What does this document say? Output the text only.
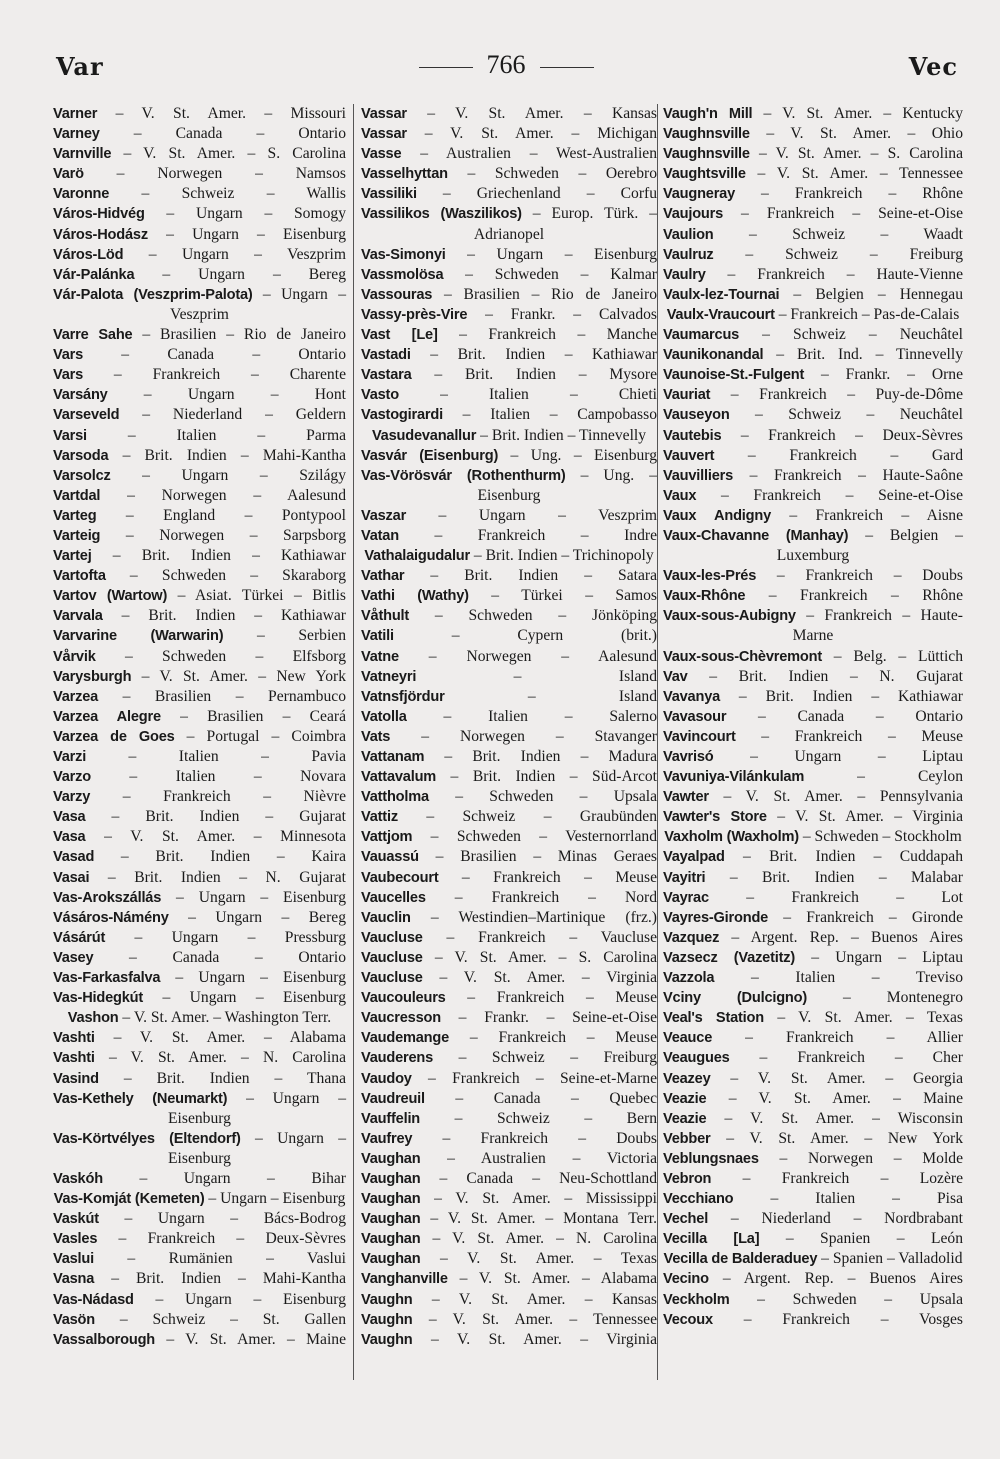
Var	766	Vec
Varner – V. St. Amer. – Missouri
Varney – Canada – Ontario
Varnville – V. St. Amer. – S. Carolina
Varö – Norwegen – Namsos
Varonne – Schweiz – Wallis
Város-Hidvég – Ungarn – Somogy
Város-Hodász – Ungarn – Eisenburg
Város-Löd – Ungarn – Veszprim
Vár-Palánka – Ungarn – Bereg
Vár-Palota (Veszprim-Palota) – Ungarn – Veszprim
Varre Sahe – Brasilien – Rio de Janeiro
Vars – Canada – Ontario
Vars – Frankreich – Charente
Varsány – Ungarn – Hont
Varseveld – Niederland – Geldern
Varsi – Italien – Parma
Varsoda – Brit. Indien – Mahi-Kantha
Varsolcz – Ungarn – Szilágy
Vartdal – Norwegen – Aalesund
Varteg – England – Pontypool
Varteig – Norwegen – Sarpsborg
Vartej – Brit. Indien – Kathiawar
Vartofta – Schweden – Skaraborg
Vartov (Wartow) – Asiat. Türkei – Bitlis
Varvala – Brit. Indien – Kathiawar
Varvarine (Warwarin) – Serbien
Vårvik – Schweden – Elfsborg
Varysburgh – V. St. Amer. – New York
Varzea – Brasilien – Pernambuco
Varzea Alegre – Brasilien – Ceará
Varzea de Goes – Portugal – Coimbra
Varzi – Italien – Pavia
Varzo – Italien – Novara
Varzy – Frankreich – Nièvre
Vasa – Brit. Indien – Gujarat
Vasa – V. St. Amer. – Minnesota
Vasad – Brit. Indien – Kaira
Vasai – Brit. Indien – N. Gujarat
Vas-Arokszállás – Ungarn – Eisenburg
Vásáros-Námény – Ungarn – Bereg
Vásárút – Ungarn – Pressburg
Vasey – Canada – Ontario
Vas-Farkasfalva – Ungarn – Eisenburg
Vas-Hidegkút – Ungarn – Eisenburg
Vashon – V. St. Amer. – Washington Terr.
Vashti – V. St. Amer. – Alabama
Vashti – V. St. Amer. – N. Carolina
Vasind – Brit. Indien – Thana
Vas-Kethely (Neumarkt) – Ungarn – Eisenburg
Vas-Körtvélyes (Eltendorf) – Ungarn – Eisenburg
Vaskóh – Ungarn – Bihar
Vas-Komját (Kemeten) – Ungarn – Eisenburg
Vaskút – Ungarn – Bács-Bodrog
Vasles – Frankreich – Deux-Sèvres
Vaslui – Rumänien – Vaslui
Vasna – Brit. Indien – Mahi-Kantha
Vas-Nádasd – Ungarn – Eisenburg
Vasön – Schweiz – St. Gallen
Vassalborough – V. St. Amer. – Maine
Vassar – V. St. Amer. – Kansas
Vassar – V. St. Amer. – Michigan
Vasse – Australien – West-Australien
Vasselhyttan – Schweden – Oerebro
Vassiliki – Griechenland – Corfu
Vassilikos (Waszilikos) – Europ. Türk. – Adrianopel
Vas-Simonyi – Ungarn – Eisenburg
Vassmolösa – Schweden – Kalmar
Vassouras – Brasilien – Rio de Janeiro
Vassy-près-Vire – Frankr. – Calvados
Vast [Le] – Frankreich – Manche
Vastadi – Brit. Indien – Kathiawar
Vastara – Brit. Indien – Mysore
Vasto – Italien – Chieti
Vastogirardi – Italien – Campobasso
Vasudevanallur – Brit. Indien – Tinnevelly
Vasvár (Eisenburg) – Ung. – Eisenburg
Vas-Vörösvár (Rothenthurm) – Ung. – Eisenburg
Vaszar – Ungarn – Veszprim
Vatan – Frankreich – Indre
Vathalaigudalur – Brit. Indien – Trichinopoly
Vathar – Brit. Indien – Satara
Vathi (Wathy) – Türkei – Samos
Våthult – Schweden – Jönköping
Vatili – Cypern (brit.)
Vatne – Norwegen – Aalesund
Vatneyri – Island
Vatnsfjördur – Island
Vatolla – Italien – Salerno
Vats – Norwegen – Stavanger
Vattanam – Brit. Indien – Madura
Vattavalum – Brit. Indien – Süd-Arcot
Vattholma – Schweden – Upsala
Vattiz – Schweiz – Graubünden
Vattjom – Schweden – Vesternorrland
Vauassú – Brasilien – Minas Geraes
Vaubecourt – Frankreich – Meuse
Vaucelles – Frankreich – Nord
Vauclin – Westindien–Martinique (frz.)
Vaucluse – Frankreich – Vaucluse
Vaucluse – V. St. Amer. – S. Carolina
Vaucluse – V. St. Amer. – Virginia
Vaucouleurs – Frankreich – Meuse
Vaucresson – Frankr. – Seine-et-Oise
Vaudemange – Frankreich – Meuse
Vauderens – Schweiz – Freiburg
Vaudoy – Frankreich – Seine-et-Marne
Vaudreuil – Canada – Quebec
Vauffelin – Schweiz – Bern
Vaufrey – Frankreich – Doubs
Vaughan – Australien – Victoria
Vaughan – Canada – Neu-Schottland
Vaughan – V. St. Amer. – Mississippi
Vaughan – V. St. Amer. – Montana Terr.
Vaughan – V. St. Amer. – N. Carolina
Vaughan – V. St. Amer. – Texas
Vanghanville – V. St. Amer. – Alabama
Vaughn – V. St. Amer. – Kansas
Vaughn – V. St. Amer. – Tennessee
Vaughn – V. St. Amer. – Virginia
Vaugh'n Mill – V. St. Amer. – Kentucky
Vaughnsville – V. St. Amer. – Ohio
Vaughnsville – V. St. Amer. – S. Carolina
Vaughtsville – V. St. Amer. – Tennessee
Vaugneray – Frankreich – Rhône
Vaujours – Frankreich – Seine-et-Oise
Vaulion – Schweiz – Waadt
Vaulruz – Schweiz – Freiburg
Vaulry – Frankreich – Haute-Vienne
Vaulx-lez-Tournai – Belgien – Hennegau
Vaulx-Vraucourt – Frankreich – Pas-de-Calais
Vaumarcus – Schweiz – Neuchâtel
Vaunikonandal – Brit. Ind. – Tinnevelly
Vaunoise-St.-Fulgent – Frankr. – Orne
Vauriat – Frankreich – Puy-de-Dôme
Vauseyon – Schweiz – Neuchâtel
Vautebis – Frankreich – Deux-Sèvres
Vauvert – Frankreich – Gard
Vauvilliers – Frankreich – Haute-Saône
Vaux – Frankreich – Seine-et-Oise
Vaux Andigny – Frankreich – Aisne
Vaux-Chavanne (Manhay) – Belgien – Luxemburg
Vaux-les-Prés – Frankreich – Doubs
Vaux-Rhône – Frankreich – Rhône
Vaux-sous-Aubigny – Frankreich – Haute-Marne
Vaux-sous-Chèvremont – Belg. – Lüttich
Vav – Brit. Indien – N. Gujarat
Vavanya – Brit. Indien – Kathiawar
Vavasour – Canada – Ontario
Vavincourt – Frankreich – Meuse
Vavrisó – Ungarn – Liptau
Vavuniya-Vilánkulam – Ceylon
Vawter – V. St. Amer. – Pennsylvania
Vawter's Store – V. St. Amer. – Virginia
Vaxholm (Waxholm) – Schweden – Stockholm
Vayalpad – Brit. Indien – Cuddapah
Vayitri – Brit. Indien – Malabar
Vayrac – Frankreich – Lot
Vayres-Gironde – Frankreich – Gironde
Vazquez – Argent. Rep. – Buenos Aires
Vazsecz (Vazetitz) – Ungarn – Liptau
Vazzola – Italien – Treviso
Vciny (Dulcigno) – Montenegro
Veal's Station – V. St. Amer. – Texas
Veauce – Frankreich – Allier
Veaugues – Frankreich – Cher
Veazey – V. St. Amer. – Georgia
Veazie – V. St. Amer. – Maine
Veazie – V. St. Amer. – Wisconsin
Vebber – V. St. Amer. – New York
Veblungsnaes – Norwegen – Molde
Vebron – Frankreich – Lozère
Vecchiano – Italien – Pisa
Vechel – Niederland – Nordbrabant
Vecilla [La] – Spanien – León
Vecilla de Balderaduey – Spanien – Valladolid
Vecino – Argent. Rep. – Buenos Aires
Veckholm – Schweden – Upsala
Vecoux – Frankreich – Vosges
